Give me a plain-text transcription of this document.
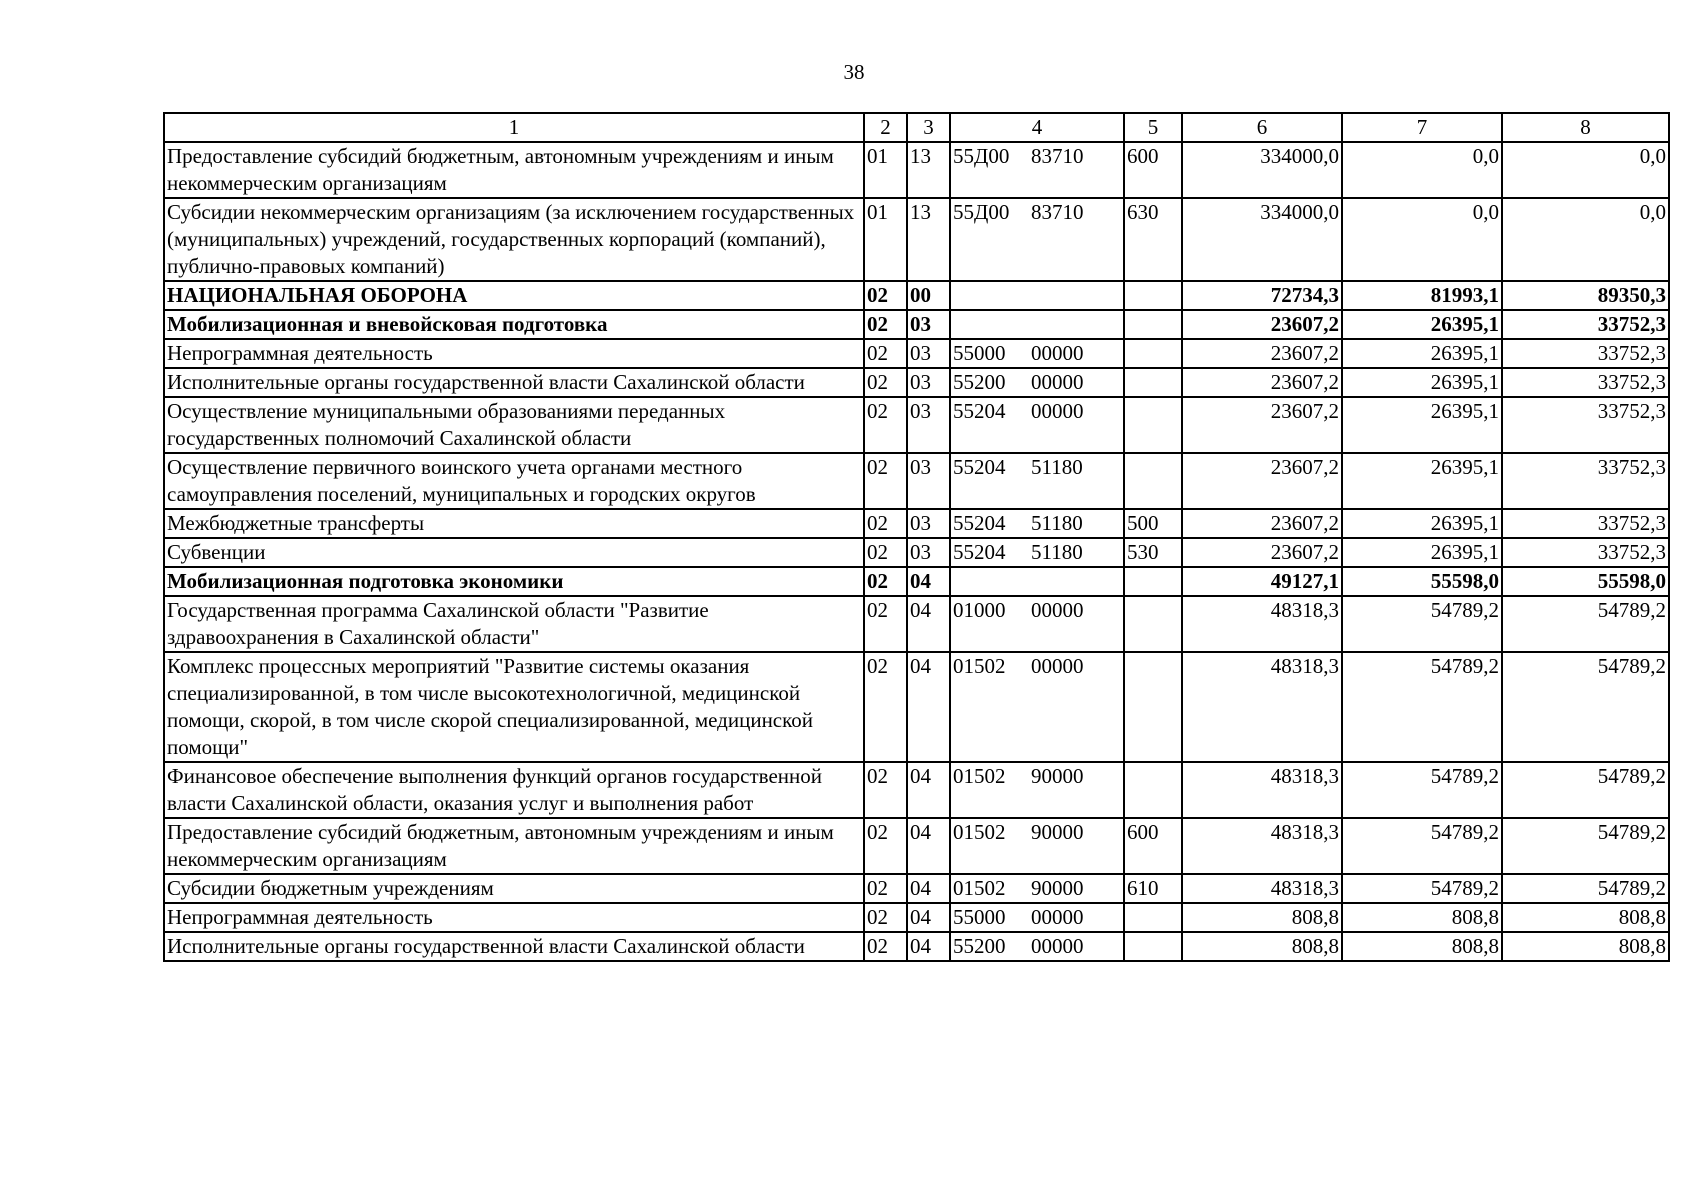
38
1	2	3	4	5	6	7	8
Предоставление субсидий бюджетным, автономным учреждениям и иным некоммерческим организациям	01	13	55Д00 83710	600	334000,0	0,0	0,0
Субсидии некоммерческим организациям (за исключением государственных (муниципальных) учреждений, государственных корпораций (компаний), публично-правовых компаний)	01	13	55Д00 83710	630	334000,0	0,0	0,0
НАЦИОНАЛЬНАЯ ОБОРОНА	02	00			72734,3	81993,1	89350,3
Мобилизационная и вневойсковая подготовка	02	03			23607,2	26395,1	33752,3
Непрограммная деятельность	02	03	55000 00000		23607,2	26395,1	33752,3
Исполнительные органы государственной власти Сахалинской области	02	03	55200 00000		23607,2	26395,1	33752,3
Осуществление муниципальными образованиями переданных государственных полномочий Сахалинской области	02	03	55204 00000		23607,2	26395,1	33752,3
Осуществление первичного воинского учета органами местного самоуправления поселений, муниципальных и городских округов	02	03	55204 51180		23607,2	26395,1	33752,3
Межбюджетные трансферты	02	03	55204 51180	500	23607,2	26395,1	33752,3
Субвенции	02	03	55204 51180	530	23607,2	26395,1	33752,3
Мобилизационная подготовка экономики	02	04			49127,1	55598,0	55598,0
Государственная программа Сахалинской области "Развитие здравоохранения в Сахалинской области"	02	04	01000 00000		48318,3	54789,2	54789,2
Комплекс процессных мероприятий "Развитие системы оказания специализированной, в том числе высокотехнологичной, медицинской помощи, скорой, в том числе скорой специализированной, медицинской помощи"	02	04	01502 00000		48318,3	54789,2	54789,2
Финансовое обеспечение выполнения функций органов государственной власти Сахалинской области, оказания услуг и выполнения работ	02	04	01502 90000		48318,3	54789,2	54789,2
Предоставление субсидий бюджетным, автономным учреждениям и иным некоммерческим организациям	02	04	01502 90000	600	48318,3	54789,2	54789,2
Субсидии бюджетным учреждениям	02	04	01502 90000	610	48318,3	54789,2	54789,2
Непрограммная деятельность	02	04	55000 00000		808,8	808,8	808,8
Исполнительные органы государственной власти Сахалинской области	02	04	55200 00000		808,8	808,8	808,8
